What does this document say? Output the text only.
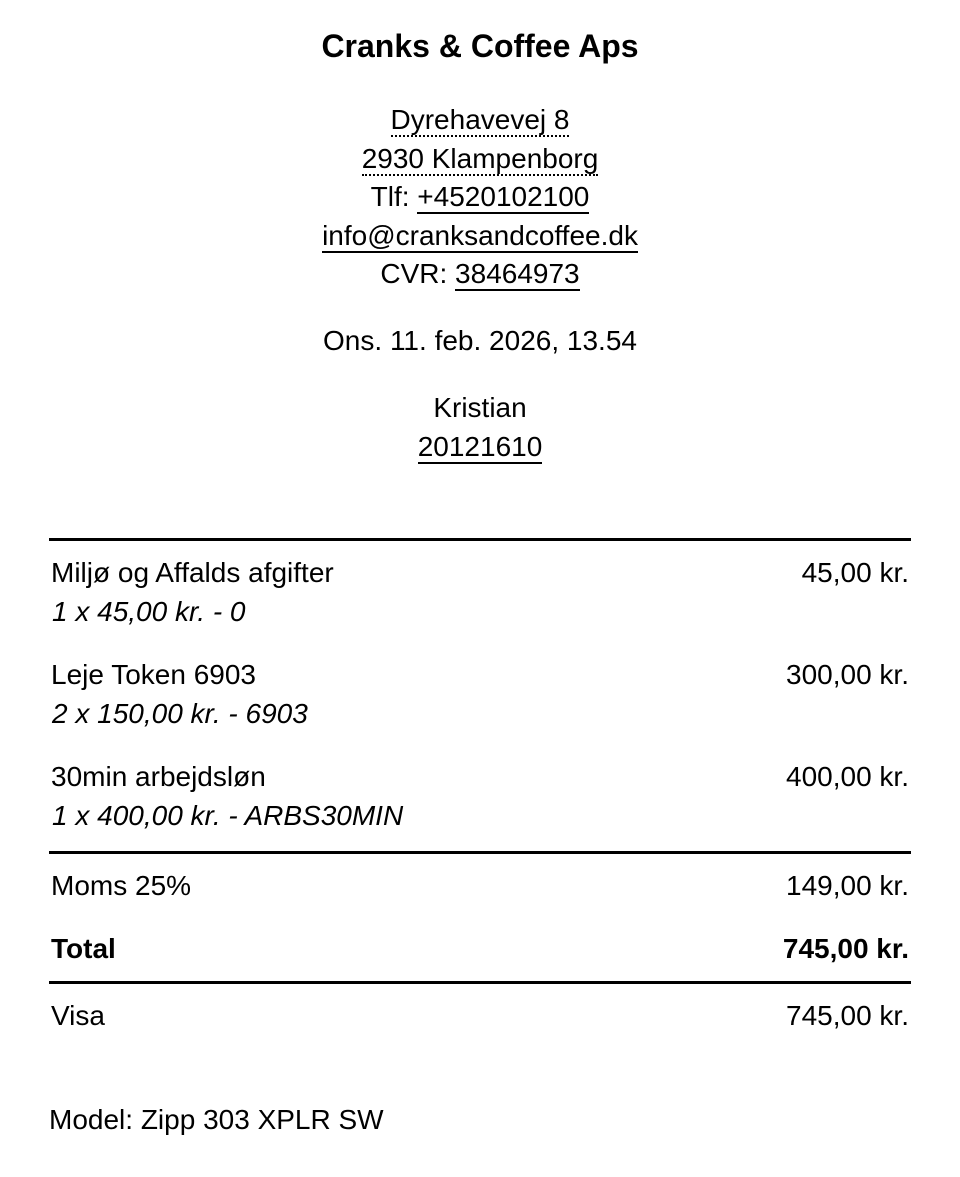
Cranks & Coffee Aps
Dyrehavevej 8
2930 Klampenborg
Tlf: +4520102100
info@cranksandcoffee.dk
CVR: 38464973
Ons. 11. feb. 2026, 13.54
Kristian
20121610
Miljø og Affalds afgifter	45,00 kr.
1 x 45,00 kr. - 0
Leje Token 6903	300,00 kr.
2 x 150,00 kr. - 6903
30min arbejdsløn	400,00 kr.
1 x 400,00 kr. - ARBS30MIN
Moms 25%	149,00 kr.
Total	745,00 kr.
Visa	745,00 kr.
Model: Zipp 303 XPLR SW
